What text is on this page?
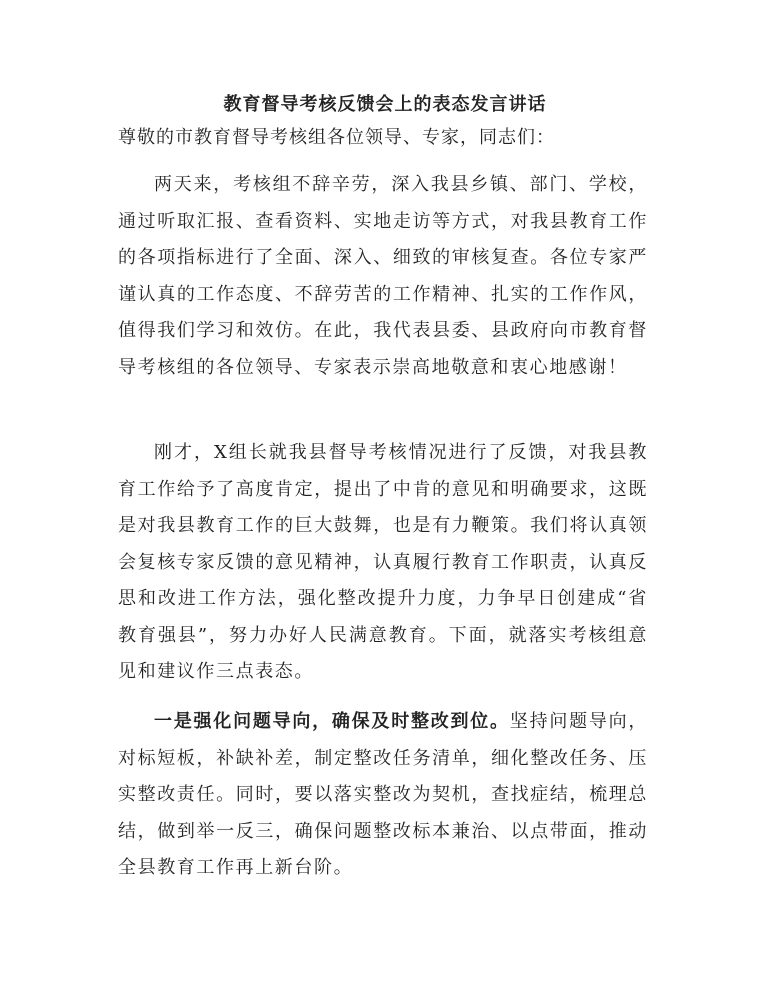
教育督导考核反馈会上的表态发言讲话
尊敬的市教育督导考核组各位领导、专家，同志们：

两天来，考核组不辞辛劳，深入我县乡镇、部门、学校，通过听取汇报、查看资料、实地走访等方式，对我县教育工作的各项指标进行了全面、深入、细致的审核复查。各位专家严谨认真的工作态度、不辞劳苦的工作精神、扎实的工作作风，值得我们学习和效仿。在此，我代表县委、县政府向市教育督导考核组的各位领导、专家表示崇高地敬意和衷心地感谢！

刚才，X组长就我县督导考核情况进行了反馈，对我县教育工作给予了高度肯定，提出了中肯的意见和明确要求，这既是对我县教育工作的巨大鼓舞，也是有力鞭策。我们将认真领会复核专家反馈的意见精神，认真履行教育工作职责，认真反思和改进工作方法，强化整改提升力度，力争早日创建成“省教育强县”，努力办好人民满意教育。下面，就落实考核组意见和建议作三点表态。

一是强化问题导向，确保及时整改到位。坚持问题导向，对标短板，补缺补差，制定整改任务清单，细化整改任务、压实整改责任。同时，要以落实整改为契机，查找症结，梳理总结，做到举一反三，确保问题整改标本兼治、以点带面，推动全县教育工作再上新台阶。
